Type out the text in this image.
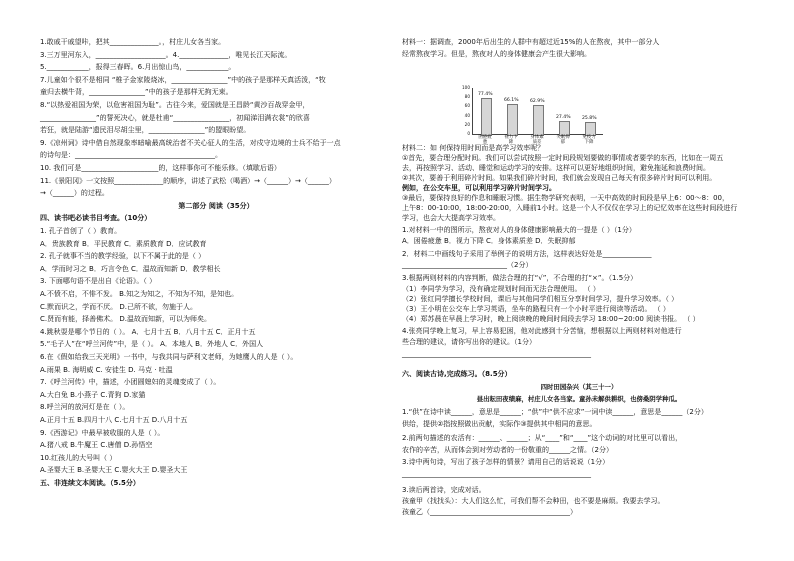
1.敢戚干戚望咔，把其______________。，村庄儿女各当家。
3.三万里河东入，____________________。4.______________，唯见长江天际流。
5.____________，报得三春晖。6.月出惊山鸟，____________。
7.儿童如个很不是相同 “椎子金家陵烧冰，________________”中的孩子是那样天真活泼，“牧
童归去横牛背，________________”中的孩子是那样无拘无束。
8.“以热爱祖国为荣，以危害祖国为耻”。古往今来，爱国就是王昌龄“黄沙百战穿金甲，
________________”的誓死决心，就是杜甫“________________，初闻涕泪满衣裳”的欣喜
若狂，就是陆游“遗民泪尽胡尘里，________________”的盟眼盼望。
9.《凉州词》诗中借自然现象率暗喻最高统治者不关心征人的生活，对戍守边境的士兵不给于一点
的诗句是：________________________________________。
10. 我们可是______________________的，这样事你可不能乐修。（填歇后语）
11.《景阳冈》一文按照______________的顺序，讲述了武松（喝酒）→（______）→（______）
→（______）的过程。
第二部分 阅读（35分）
四、读书吧必读书目考查。（10分）
1. 孔子首创了（ ）教育。
A．贵族教育 B．平民教育 C．素质教育 D．应试教育
2. 孔子就事不当的教学经验，以下不属于此的是（ ）
A．学而时习之 B．巧言令色 C．温故而知新 D．教学相长
3. 下面哪句语不是出自《论语》。（ ）
A.不愤不启，不悱不发。 B.知之为知之，不知为不知，是知也。
C.默而识之，学而不厌。 D.己所不欲，勿施于人。
C.贤而有能，择善佛术。 D.温故而知新，可以为师矣。
4.跳秋耍是哪个节日的（ ）。 A．七月十五 B．八月十五 C．正月十五
5.“毛子人”在“呼兰河传”中，是（ ）。 A．本地人 B．外地人 C．外国人
6.在《假如给我三天光明》一书中，与我共同与萨利文老师，为她鹰人的人是（ ）。
A.雨果 B. 海明威 C. 安徒生 D. 马克 · 吐温
7.《呼兰河传》中，描述，小团圆媳妇的灵魂变成了（ ）。
A.大白兔 B.小燕子 C.青狗 D.家猫
8.呼兰河的放河灯是在（ ）。
A.正月十五 B.四月十八 C.七月十五 D.八月十五
9.《西游记》中最早被收服的人是（ ）。
A.猪八戒 B.牛魔王 C.唐僧 D.孙悟空
10.红孩儿的大号叫（ ）
A.圣婴大王 B.圣婴大王 C.婴火大王 D.婴圣大王
五、非连续文本阅读。（5.5分）
材料一：据调查，2000年后出生的人群中有超过近15%的人在熬夜，其中一部分人
经常熬夜学习。但是，熬夜对人的身体健康会产生很大影响。
材料二：如 何保持用时间而是高学习效率呢？
①首先，要合理分配时间。我们可以尝试按照一定时间段规划要做的事情或者要学的东西，比如在一周五
去，再按照学习、活动、睡觉和运动学习的安排。这样可以更好地组织时间，避免拖延和浪费时间。
②其次，要善于利用碎片时间。如果我们碎片时间，我们就会发现自己每天有很多碎片时间可以利用。
例如，在公交车里，可以利用学习碎片时间学习。
③最后，要保持良好的作息和睡眠习惯。据生物学研究表明，一天中高效的时间段是早上6：00～8：00，
上午8：00-10:00，18:00-20:00，入睡前1小时。这是一个人不仅仅在学习上的记忆效率在这些时间段进行
学习，也会大大提高学习效率。
1.对材料一中的图所示，熬夜对人的身体健康影响最大的一提是（ ）（1分）
A．困倦疲惫 B．视力下降 C．身体素质差 D．失眠抑郁
2．材料二中画线句子采用了举例子的说明方法，这样表达好处是______________
______________________________（2分）
3.根据两则材料的内容判断，做法合理的打“√”，不合理的打“×”。（1.5分）
（1）李同学为学习，没有确定规划时间而无法合理使用。 （ ）
（2）张红同学擅长学校时间，课后与其他同学们相互分享时间学习，提升学习效率。（ ）
（3）王小明在公交车上学习英语，坐车的路程只有一个小时平进行阅读等活动。 （ ）
（4）郑苏晨在早晨上学习时，晚上阅读晚的晚间时间段去学习 18:00~20:00 阅读书报。 （ ）
4.张亮同学晚上复习，早上容易犯困，他对此感到十分苦恼，想根据以上两则材料对他进行
些合理的建议，请你写出你的建议。（1分）
______________________________________________________
六、阅读古诗,完成练习。（8.5分）
四时田园杂兴（其三十一）
昼出耘田夜绩麻，村庄儿女各当家。童孙未解供耕织，也傍桑阴学种瓜。
1.“供”在诗中读______，意思是______；“供”中“供不应求”一词中读______，意思是______（2分）
供给，提供②指按照做出贡献，实际作③提供其中相同的意思。
2.前两句描述的农活有：______、______；从“____”和“____”这个动词的对比里可以看出，
农作的辛苦，从而体会到对劳动者的一份敬重的______之情。（2分）
3.诗中两句诗，写出了孩子怎样的情景？请用自己的话说说（1分）
______________________________________________________
3.读后两首诗，完成对话。
孩童甲（找找头）：大人们这么忙，可我们帮不会种田，也不要是麻烦。我要去学习。
孩童乙（________________________________________）
100
80
60
40
20
0
77.4%
困倦疲惫
66.1%
视力下降
62.9%
身体素质差
27.4%
失眠抑郁
25.8%
免疫力下降
